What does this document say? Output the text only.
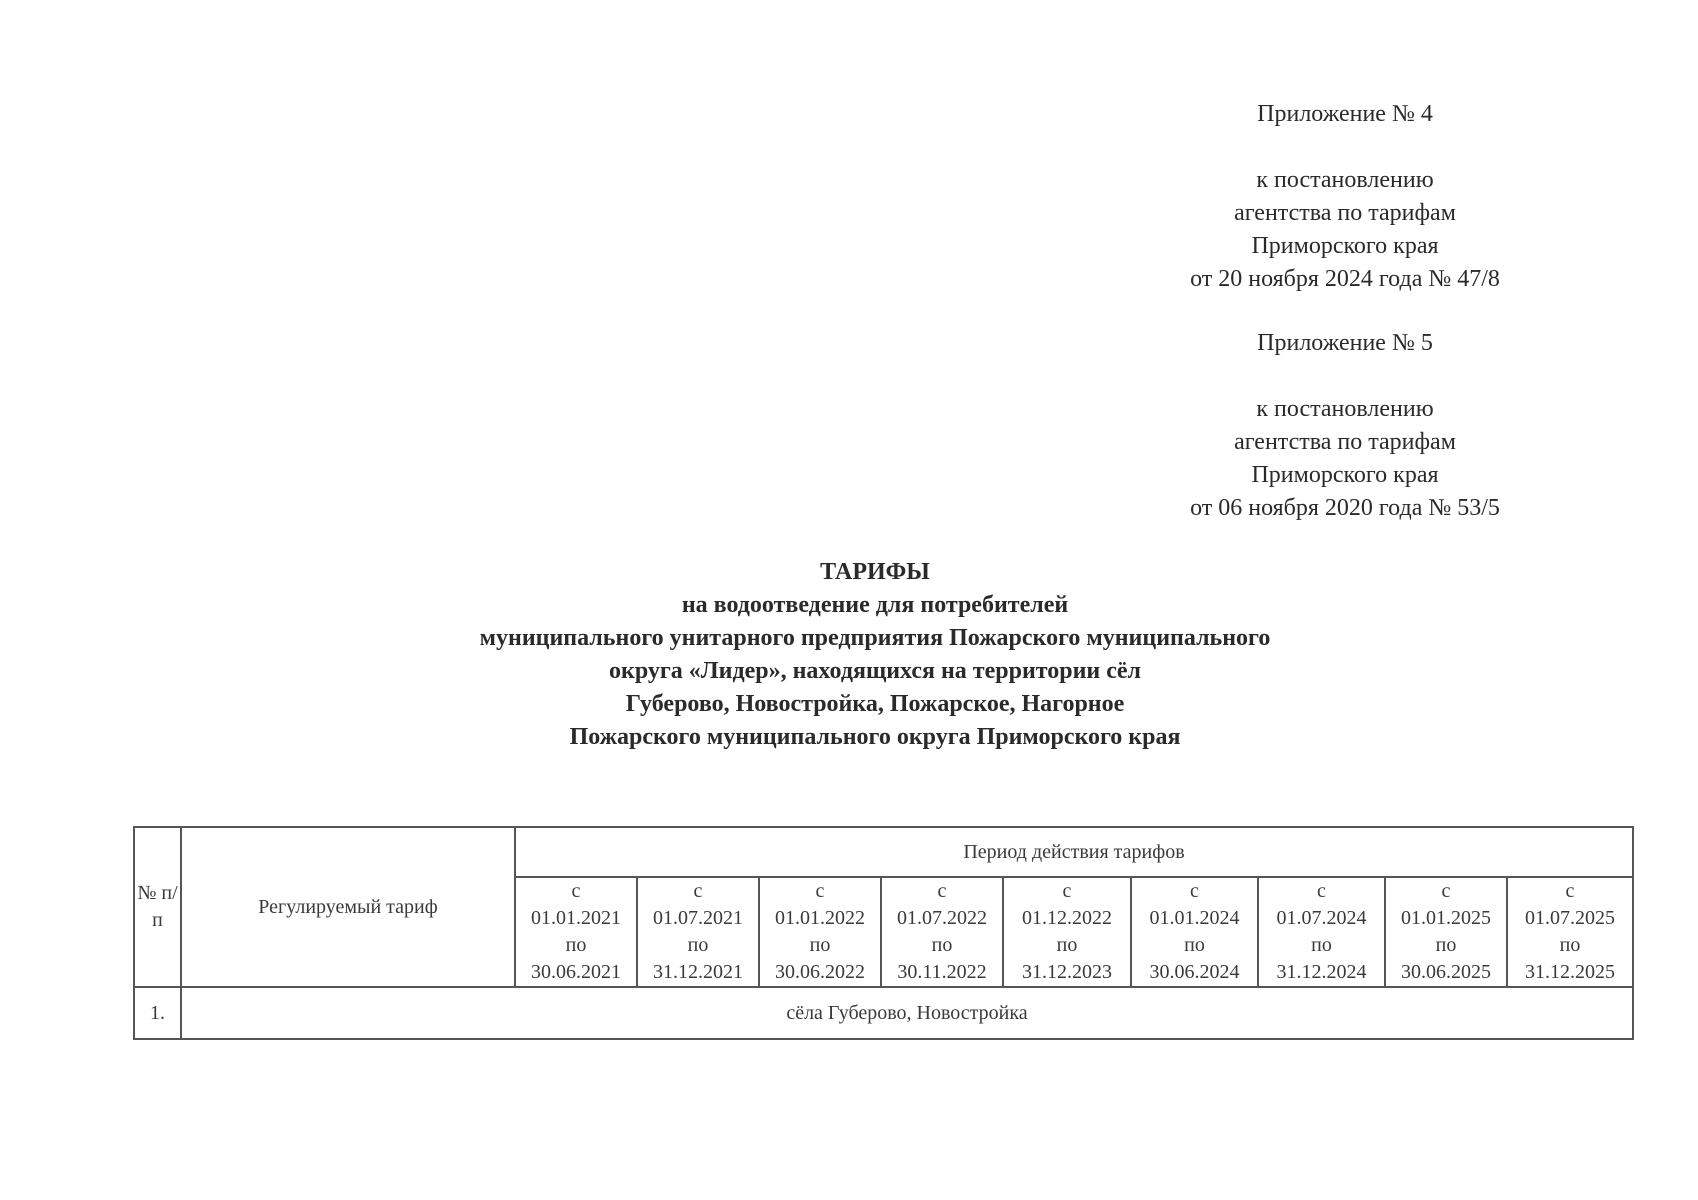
Приложение № 4
к постановлению
агентства по тарифам
Приморского края
от 20 ноября 2024 года № 47/8
Приложение № 5
к постановлению
агентства по тарифам
Приморского края
от 06 ноября 2020 года № 53/5
ТАРИФЫ
на водоотведение для потребителей
муниципального унитарного предприятия Пожарского муниципального
округа «Лидер», находящихся на территории сёл
Губерово, Новостройка, Пожарское, Нагорное
Пожарского муниципального округа Приморского края
№ п/п	Регулируемый тариф	Период действия тарифов								

		с
01.01.2021
по
30.06.2021	с
01.07.2021
по
31.12.2021	с
01.01.2022
по
30.06.2022	с
01.07.2022
по
30.11.2022	с
01.12.2022
по
31.12.2023	с
01.01.2024
по
30.06.2024	с
01.07.2024
по
31.12.2024	с
01.01.2025
по
30.06.2025	с
01.07.2025
по
31.12.2025

1.	сёла Губерово, Новостройка									
